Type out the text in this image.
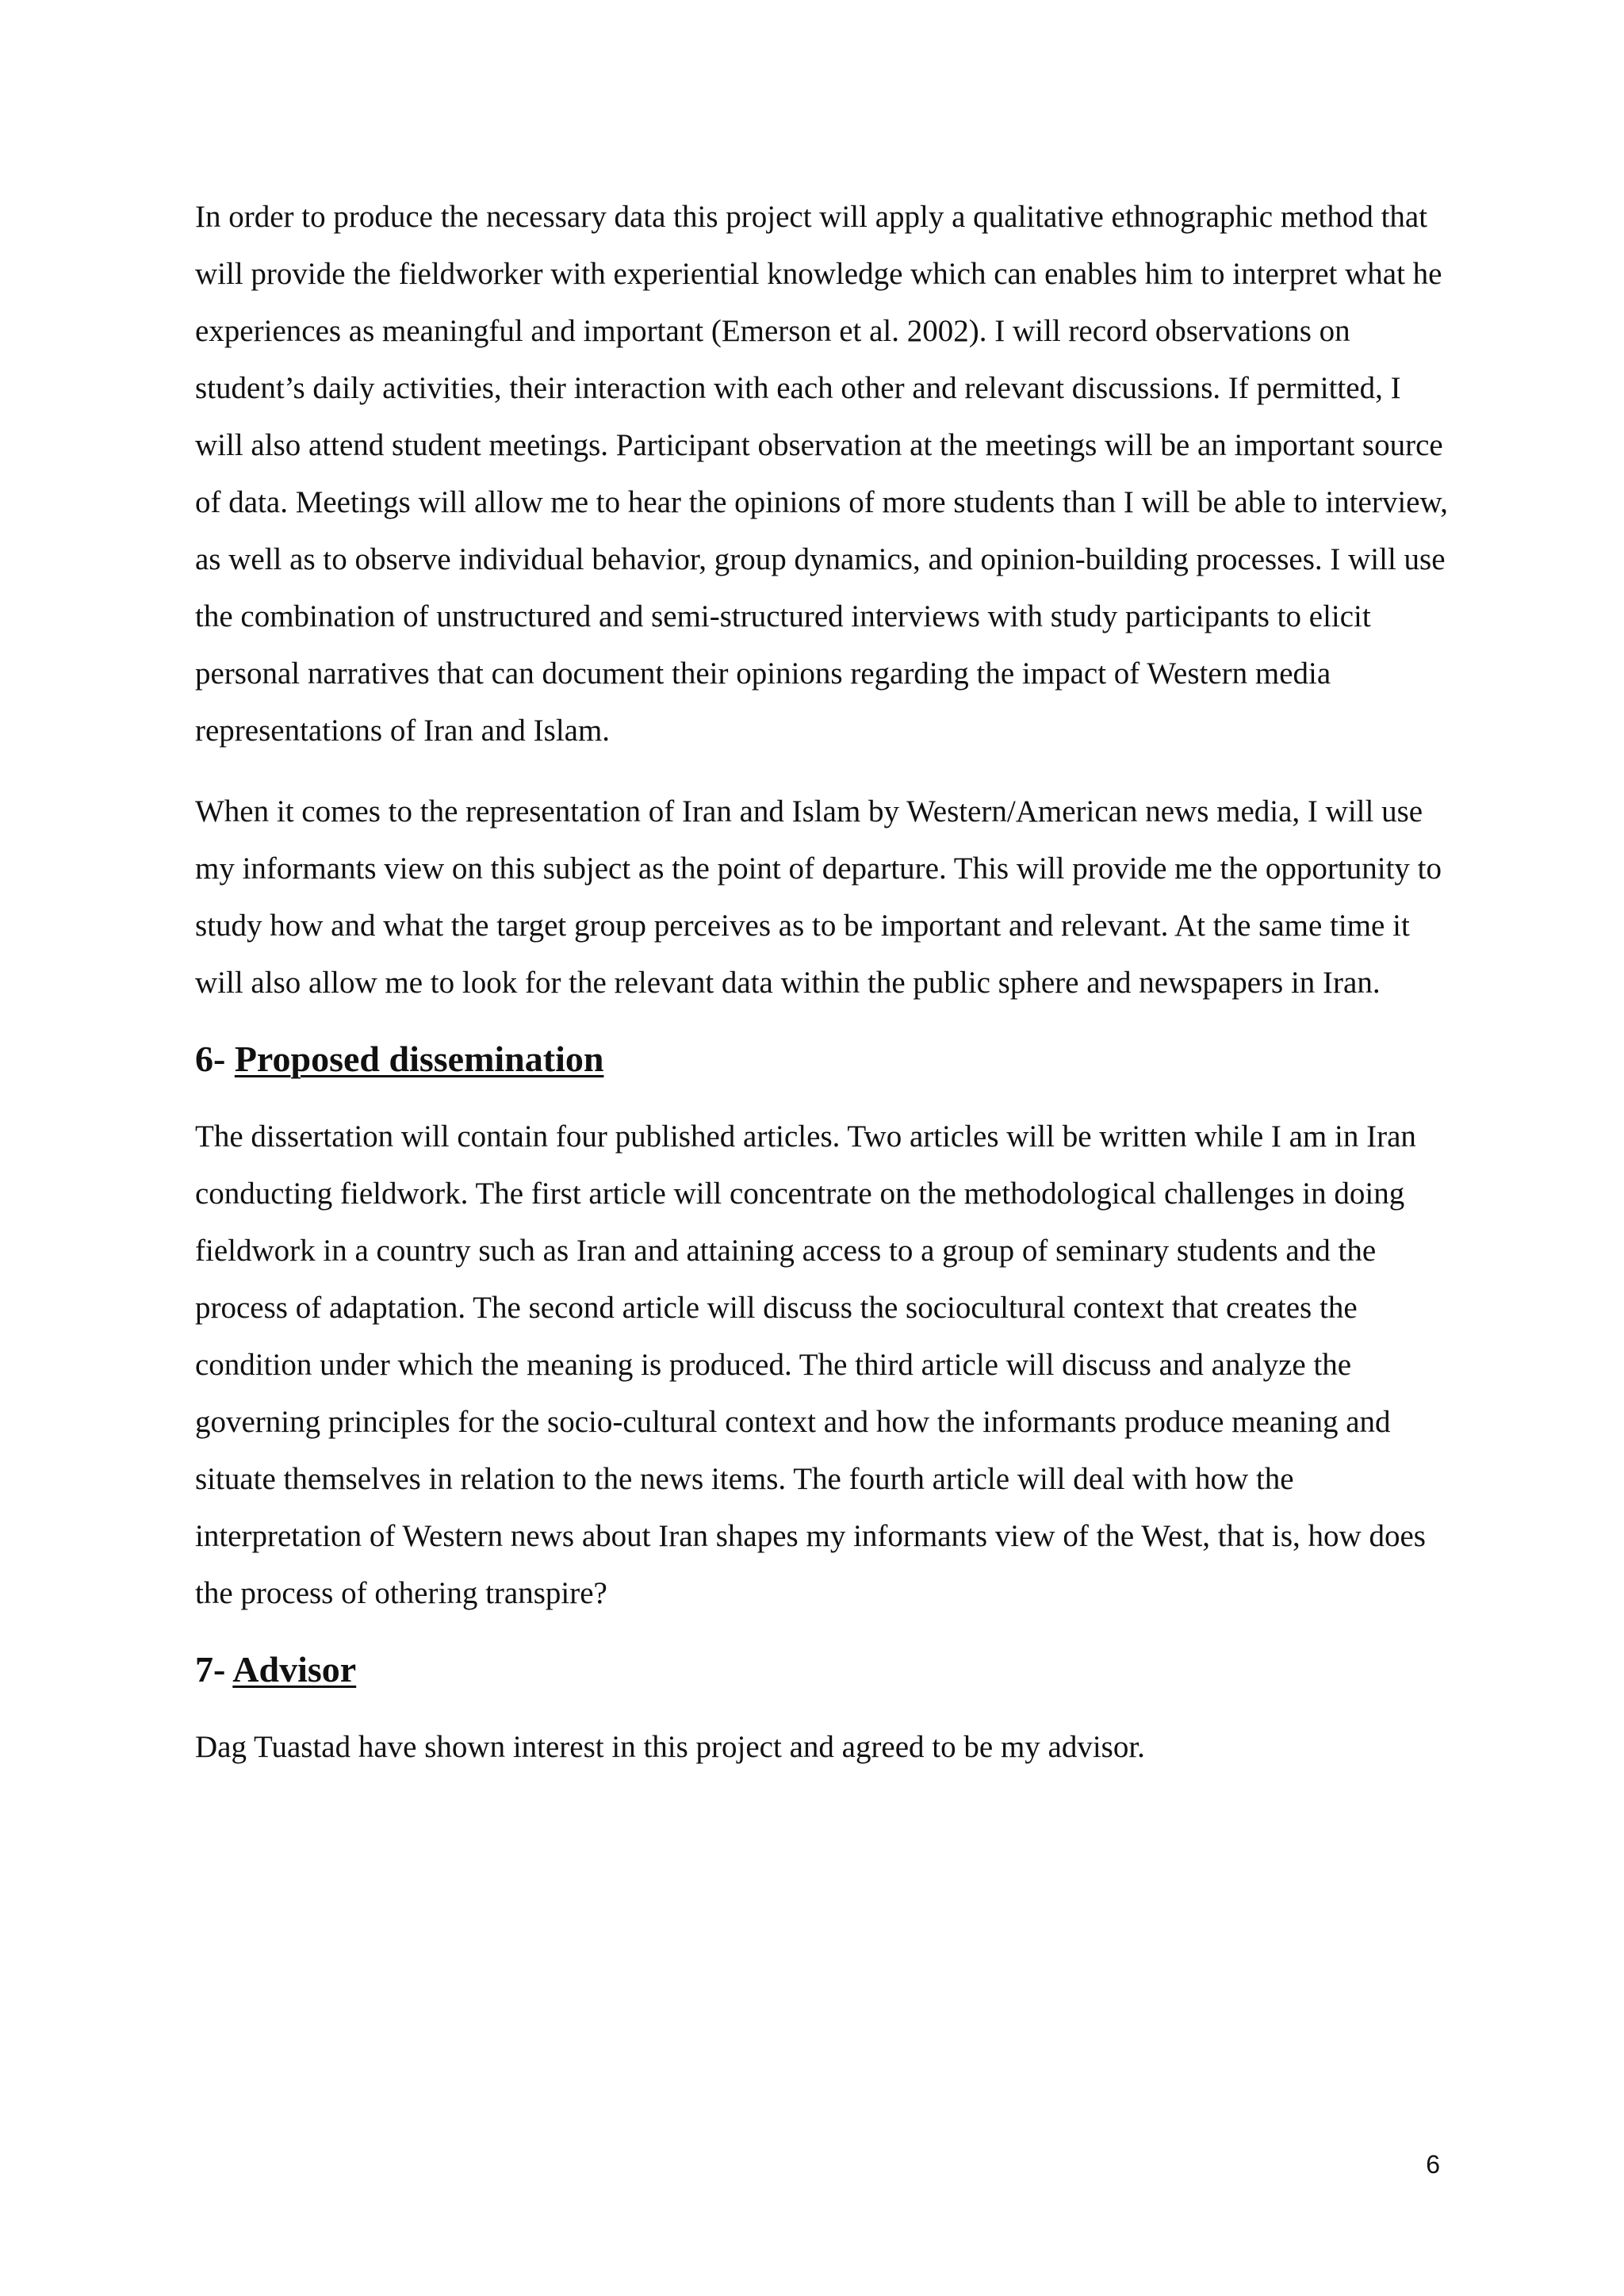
In order to produce the necessary data this project will apply a qualitative ethnographic method that will provide the fieldworker with experiential knowledge which can enables him to interpret what he experiences as meaningful and important (Emerson et al. 2002). I will record observations on student’s daily activities, their interaction with each other and relevant discussions. If permitted, I will also attend student meetings. Participant observation at the meetings will be an important source of data. Meetings will allow me to hear the opinions of more students than I will be able to interview, as well as to observe individual behavior, group dynamics, and opinion-building processes. I will use the combination of unstructured and semi-structured interviews with study participants to elicit personal narratives that can document their opinions regarding the impact of Western media representations of Iran and Islam.

When it comes to the representation of Iran and Islam by Western/American news media, I will use my informants view on this subject as the point of departure. This will provide me the opportunity to study how and what the target group perceives as to be important and relevant. At the same time it will also allow me to look for the relevant data within the public sphere and newspapers in Iran.

6- Proposed dissemination

The dissertation will contain four published articles. Two articles will be written while I am in Iran conducting fieldwork. The first article will concentrate on the methodological challenges in doing fieldwork in a country such as Iran and attaining access to a group of seminary students and the process of adaptation. The second article will discuss the sociocultural context that creates the condition under which the meaning is produced. The third article will discuss and analyze the governing principles for the socio-cultural context and how the informants produce meaning and situate themselves in relation to the news items. The fourth article will deal with how the interpretation of Western news about Iran shapes my informants view of the West, that is, how does the process of othering transpire?

7- Advisor

Dag Tuastad have shown interest in this project and agreed to be my advisor.

6
